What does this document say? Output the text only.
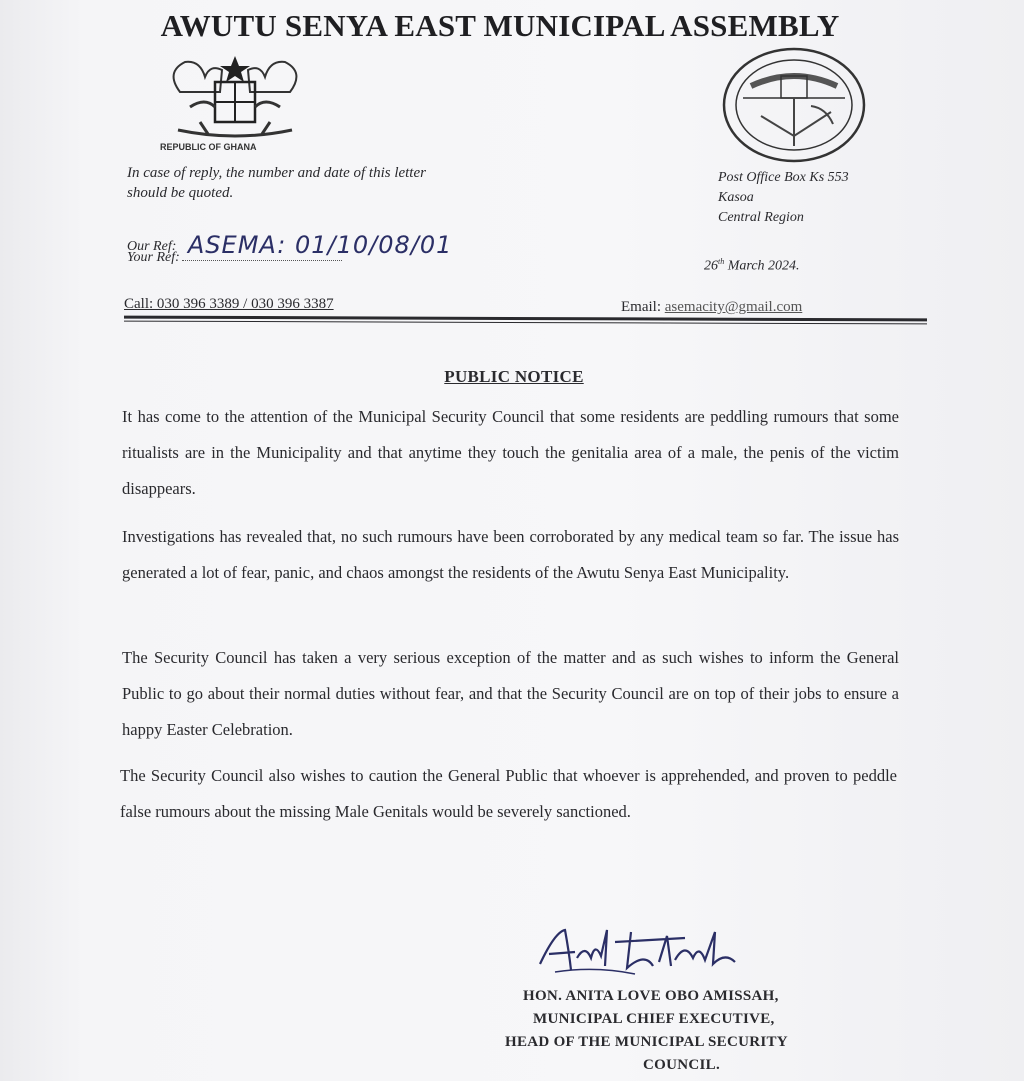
AWUTU SENYA EAST MUNICIPAL ASSEMBLY
REPUBLIC OF GHANA
In case of reply, the number and date of this letter should be quoted.
Our Ref: ASEMA: 01/10/08/01
Your Ref:
Post Office Box Ks 553
Kasoa
Central Region
26th March 2024.
Call: 030 396 3389 / 030 396 3387	Email: asemacity@gmail.com
PUBLIC NOTICE

It has come to the attention of the Municipal Security Council that some residents are peddling rumours that some ritualists are in the Municipality and that anytime they touch the genitalia area of a male, the penis of the victim disappears.

Investigations has revealed that, no such rumours have been corroborated by any medical team so far. The issue has generated a lot of fear, panic, and chaos amongst the residents of the Awutu Senya East Municipality.

The Security Council has taken a very serious exception of the matter and as such wishes to inform the General Public to go about their normal duties without fear, and that the Security Council are on top of their jobs to ensure a happy Easter Celebration.

The Security Council also wishes to caution the General Public that whoever is apprehended, and proven to peddle false rumours about the missing Male Genitals would be severely sanctioned.

HON. ANITA LOVE OBO AMISSAH,
MUNICIPAL CHIEF EXECUTIVE,
HEAD OF THE MUNICIPAL SECURITY
COUNCIL.
